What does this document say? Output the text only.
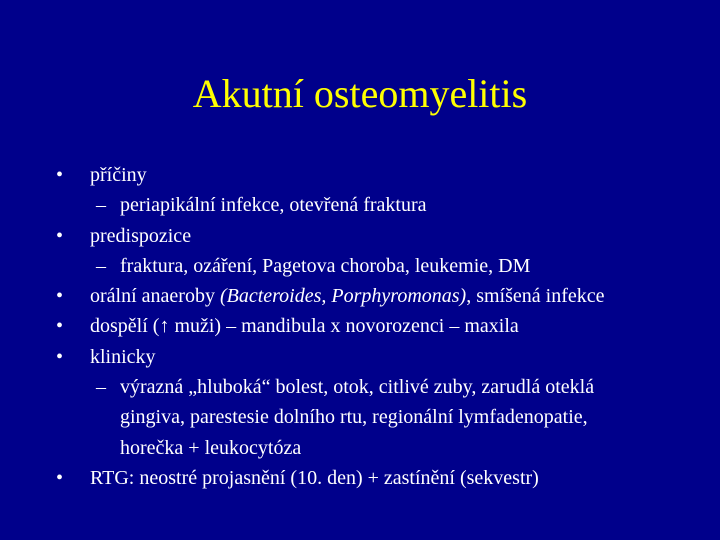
Akutní osteomyelitis
• příčiny
– periapikální infekce, otevřená fraktura
• predispozice
– fraktura, ozáření, Pagetova choroba, leukemie, DM
• orální anaeroby (Bacteroides, Porphyromonas), smíšená infekce
• dospělí (↑ muži) – mandibula x novorozenci – maxila
• klinicky
– výrazná „hluboká“ bolest, otok, citlivé zuby, zarudlá oteklá
gingiva, parestesie dolního rtu, regionální lymfadenopatie,
horečka + leukocytóza
• RTG: neostré projasnění (10. den) + zastínění (sekvestr)
